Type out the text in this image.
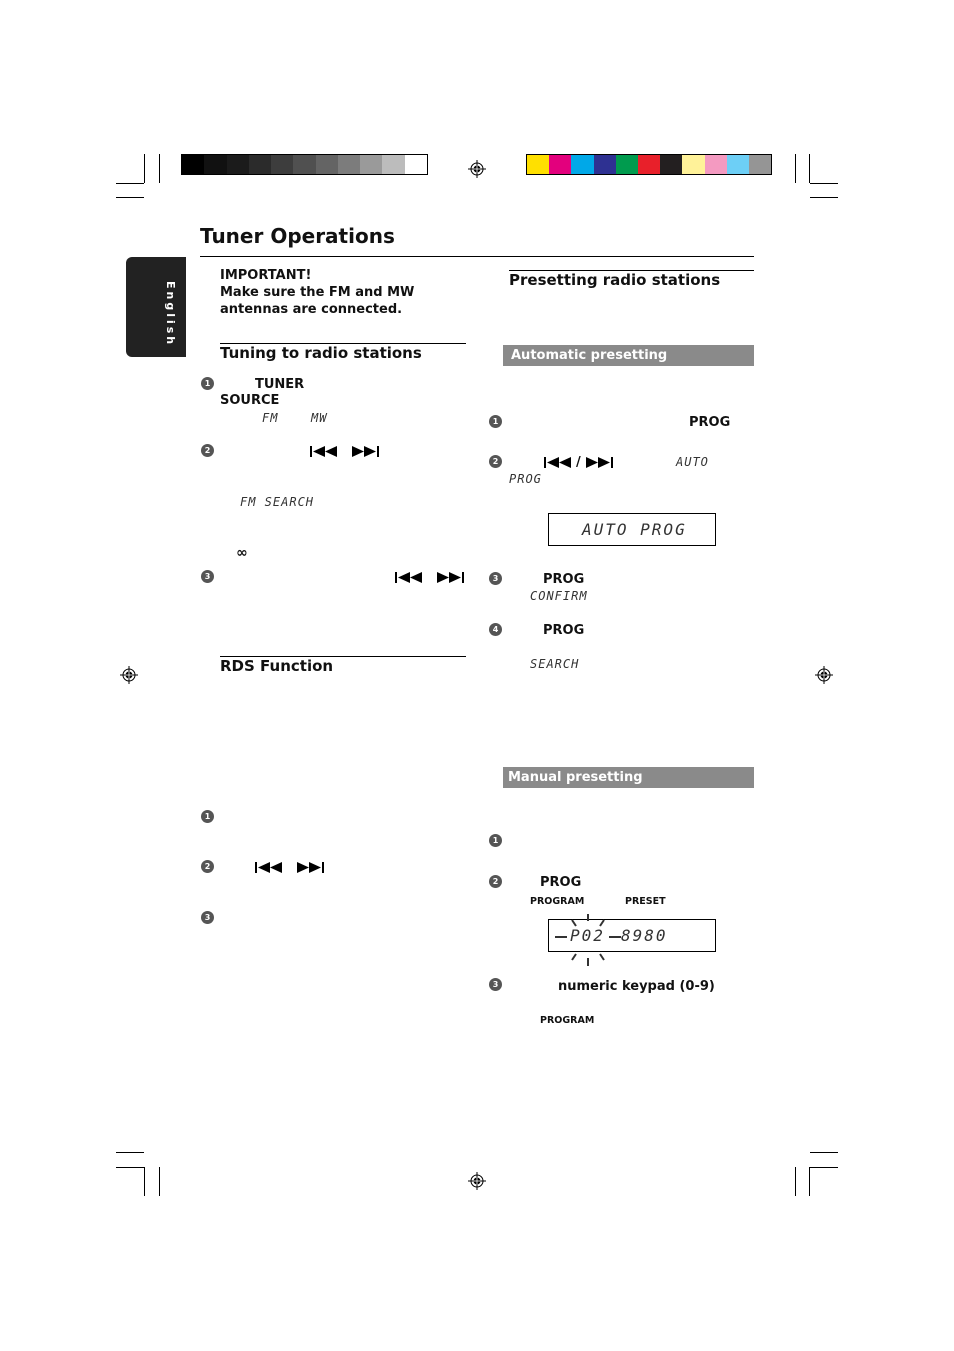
English
Tuner Operations
IMPORTANT!
Make sure the FM and MW
antennas are connected.
Tuning to radio stations
1	TUNER
SOURCE
FM	MW
2
FM SEARCH
∞
3
RDS Function
1
2
3
Presetting radio stations
Automatic presetting
1	PROG
2	/	AUTO
PROG
AUTO PROG
3	PROG
CONFIRM
4	PROG
SEARCH
Manual presetting
1
2	PROG
PROGRAM	PRESET
P02 8980
3	numeric keypad (0-9)
PROGRAM
